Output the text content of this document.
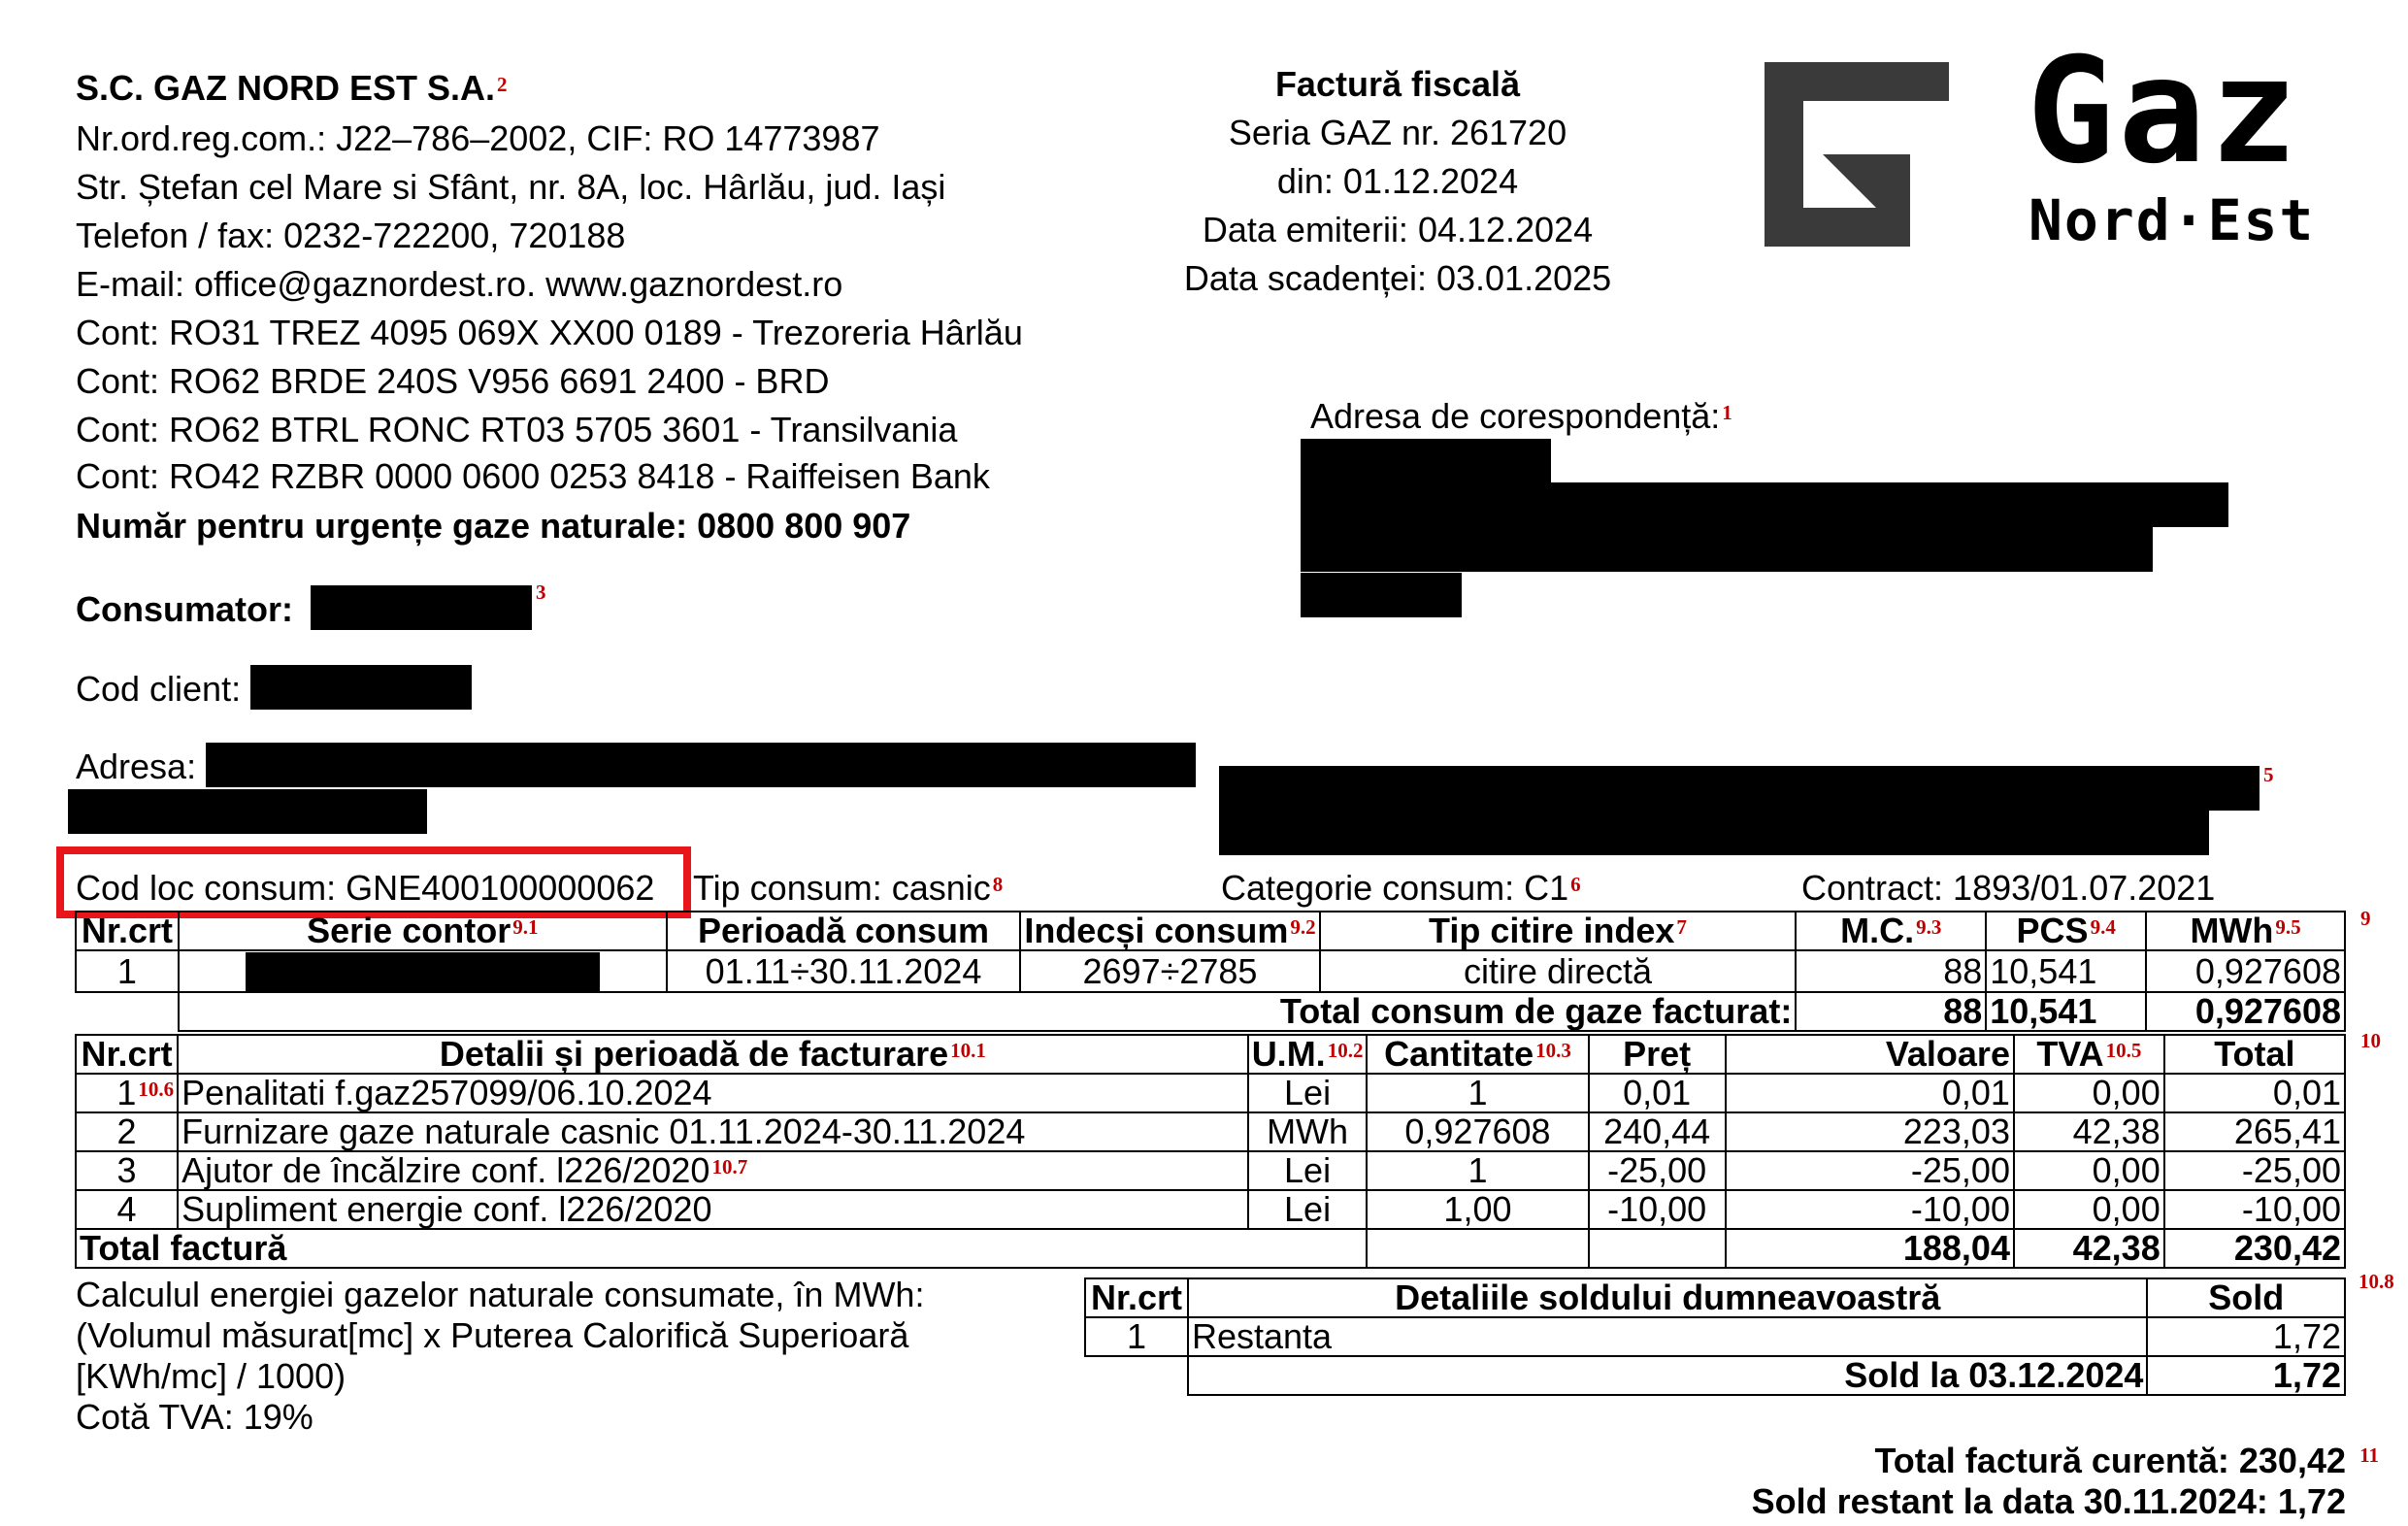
S.C. GAZ NORD EST S.A.$^2$
Nr.ord.reg.com.: J22–786–2002, CIF: RO 14773987
Str. Ștefan cel Mare si Sfânt, nr. 8A, loc. Hârlău, jud. Iași
Telefon / fax: 0232-722200, 720188
E-mail: office@gaznordest.ro. www.gaznordest.ro
Cont: RO31 TREZ 4095 069X XX00 0189 - Trezoreria Hârlău
Cont: RO62 BRDE 240S V956 6691 2400 - BRD
Cont: RO62 BTRL RONC RT03 5705 3601 - Transilvania
Cont: RO42 RZBR 0000 0600 0253 8418 - Raiffeisen Bank
Număr pentru urgențe gaze naturale: 0800 800 907
Factură fiscală
Seria GAZ nr. 261720
din: 01.12.2024
Data emiterii: 04.12.2024
Data scadenței: 03.01.2025
Gaz
Nord·Est
Adresa de corespondență:$^1$
Consumator:	$^3$
Cod client:
Adresa:	$^5$
Cod loc consum: GNE400100000062 Tip consum: casnic$^8$	Categorie consum: $C1^6$	Contract: 1893/01.07.2021
Nr.crt	Serie contor$^{9.1}$	Perioadă consum	Indecși consum$^{9.2}$	Tip citire index$^7$	M.C.$^{9.3}$	$PCS^{9.4}$	MWh$^{9.5}$
1		01.11÷30.11.2024	2697÷2785	citire directă	88	10,541	0,927608
	Total consum de gaze facturat:				88	10,541	0,927608
$^9$
Nr.crt	Detalii și perioadă de facturare$^{10.1}$	U.M.$^{10.2}$	Cantitate$^{10.3}$	Preț	Valoare	$TVA^{10.5}$	Total
$1^{10.6}$	Penalitati f.gaz257099/06.10.2024	Lei	1	0,01	0,01	0,00	0,01
2	Furnizare gaze naturale casnic 01.11.2024-30.11.2024	MWh	0,927608	240,44	223,03	42,38	265,41
3	Ajutor de încălzire conf. $l226/2020^{10.7}$	Lei	1	-25,00	-25,00	0,00	-25,00
4	Supliment energie conf. l226/2020	Lei	1,00	-10,00	-10,00	0,00	-10,00
Total factură					188,04	42,38	230,42
$^{10}$
Calculul energiei gazelor naturale consumate, în MWh:
(Volumul măsurat[mc] x Puterea Calorifică Superioară
[KWh/mc] / 1000)
Cotă TVA: 19%
Nr.crt	Detaliile soldului dumneavoastră	Sold
1	Restanta	1,72
	Sold la 03.12.2024	1,72
$^{10.8}$
Total factură curentă: 230,42 11
Sold restant la data 30.11.2024: 1,72
